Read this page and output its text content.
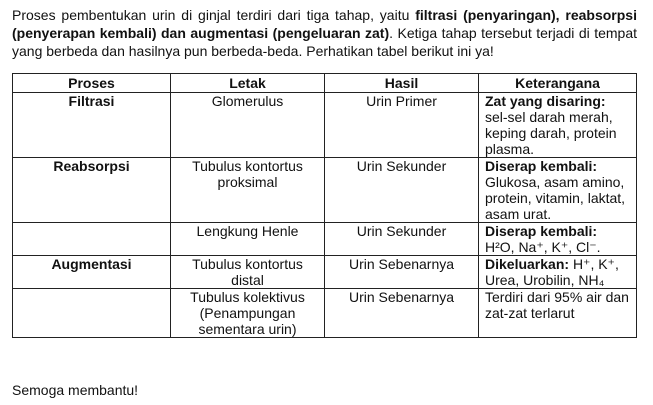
Proses pembentukan urin di ginjal terdiri dari tiga tahap, yaitu filtrasi (penyaringan), reabsorpsi (penyerapan kembali) dan augmentasi (pengeluaran zat). Ketiga tahap tersebut terjadi di tempat yang berbeda dan hasilnya pun berbeda-beda. Perhatikan tabel berikut ini ya!

Proses	Letak	Hasil	Keterangana
Filtrasi	Glomerulus	Urin Primer	Zat yang disaring:
sel-sel darah merah, keping darah, protein plasma.

Reabsorpsi	Tubulus kontortus proksimal	Urin Sekunder	Diserap kembali:
Glukosa, asam amino, protein, vitamin, laktat, asam urat.

	Lengkung Henle	Urin Sekunder	Diserap kembali:
H²O, Na⁺, K⁺, Cl⁻.

Augmentasi	Tubulus kontortus distal	Urin Sebenarnya	Dikeluarkan: H⁺, K⁺, Urea, Urobilin, NH₄
	Tubulus kolektivus (Penampungan sementara urin)	Urin Sebenarnya	Terdiri dari 95% air dan zat-zat terlarut

Semoga membantu!
